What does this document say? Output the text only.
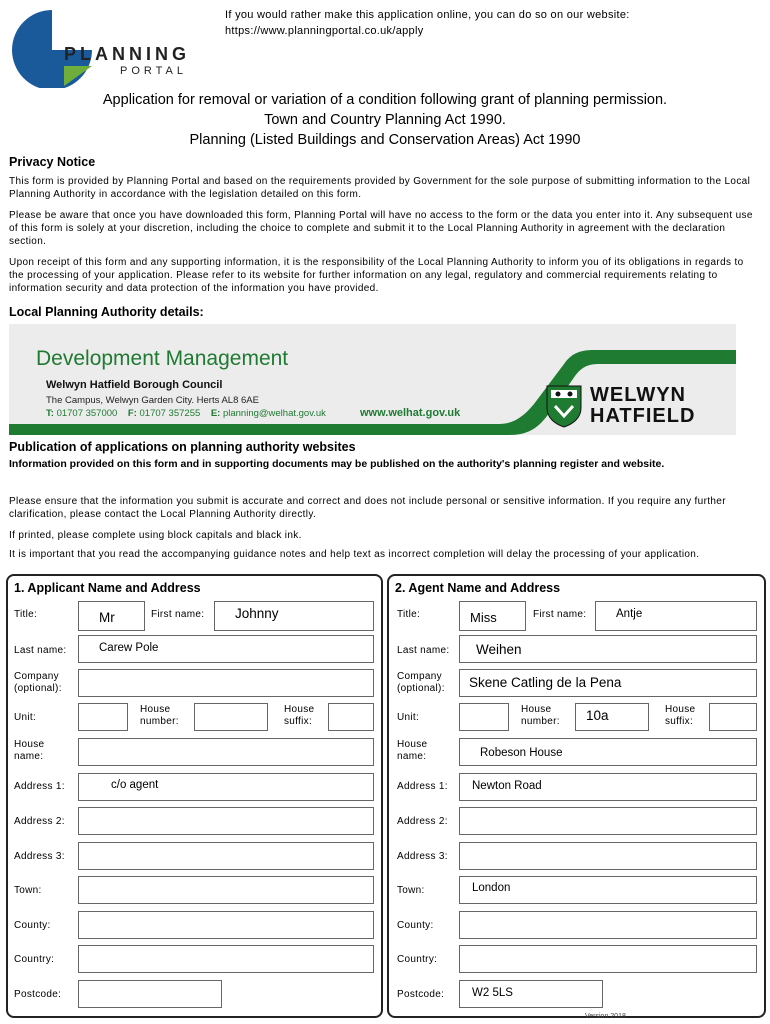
If you would rather make this application online, you can do so on our website:
https://www.planningportal.co.uk/apply
PLANNING
PORTAL
Application for removal or variation of a condition following grant of planning permission.
Town and Country Planning Act 1990.
Planning (Listed Buildings and Conservation Areas) Act 1990
Privacy Notice
This form is provided by Planning Portal and based on the requirements provided by Government for the sole purpose of submitting information to the Local Planning Authority in accordance with the legislation detailed on this form.
Please be aware that once you have downloaded this form, Planning Portal will have no access to the form or the data you enter into it. Any subsequent use of this form is solely at your discretion, including the choice to complete and submit it to the Local Planning Authority in agreement with the declaration section.
Upon receipt of this form and any supporting information, it is the responsibility of the Local Planning Authority to inform you of its obligations in regards to the processing of your application. Please refer to its website for further information on any legal, regulatory and commercial requirements relating to information security and data protection of the information you have provided.
Local Planning Authority details:
Development Management
Welwyn Hatfield Borough Council
The Campus, Welwyn Garden City. Herts AL8 6AE
T: 01707 357000 F: 01707 357255 E: planning@welhat.gov.uk	www.welhat.gov.uk
WELWYN
HATFIELD
Publication of applications on planning authority websites
Information provided on this form and in supporting documents may be published on the authority's planning register and website.
Please ensure that the information you submit is accurate and correct and does not include personal or sensitive information. If you require any further clarification, please contact the Local Planning Authority directly.
If printed, please complete using block capitals and black ink.
It is important that you read the accompanying guidance notes and help text as incorrect completion will delay the processing of your application.
1. Applicant Name and Address
Title:	Mr	First name:	Johnny
Last name:	Carew Pole
Company
(optional):
Unit:
House
number:
House
suffix:
House
name:
Address 1:	c/o agent
Address 2:
Address 3:
Town:
County:
Country:
Postcode:
2. Agent Name and Address
Title:	Miss	First name:	Antje
Last name:	Weihen
Company
(optional):	Skene Catling de la Pena
Unit:
House
number:	10a	House
suffix:
House
name:	Robeson House
Address 1:	Newton Road
Address 2:
Address 3:
Town:	London
County:
Country:
Postcode:	W2 5LS
Version 2018
